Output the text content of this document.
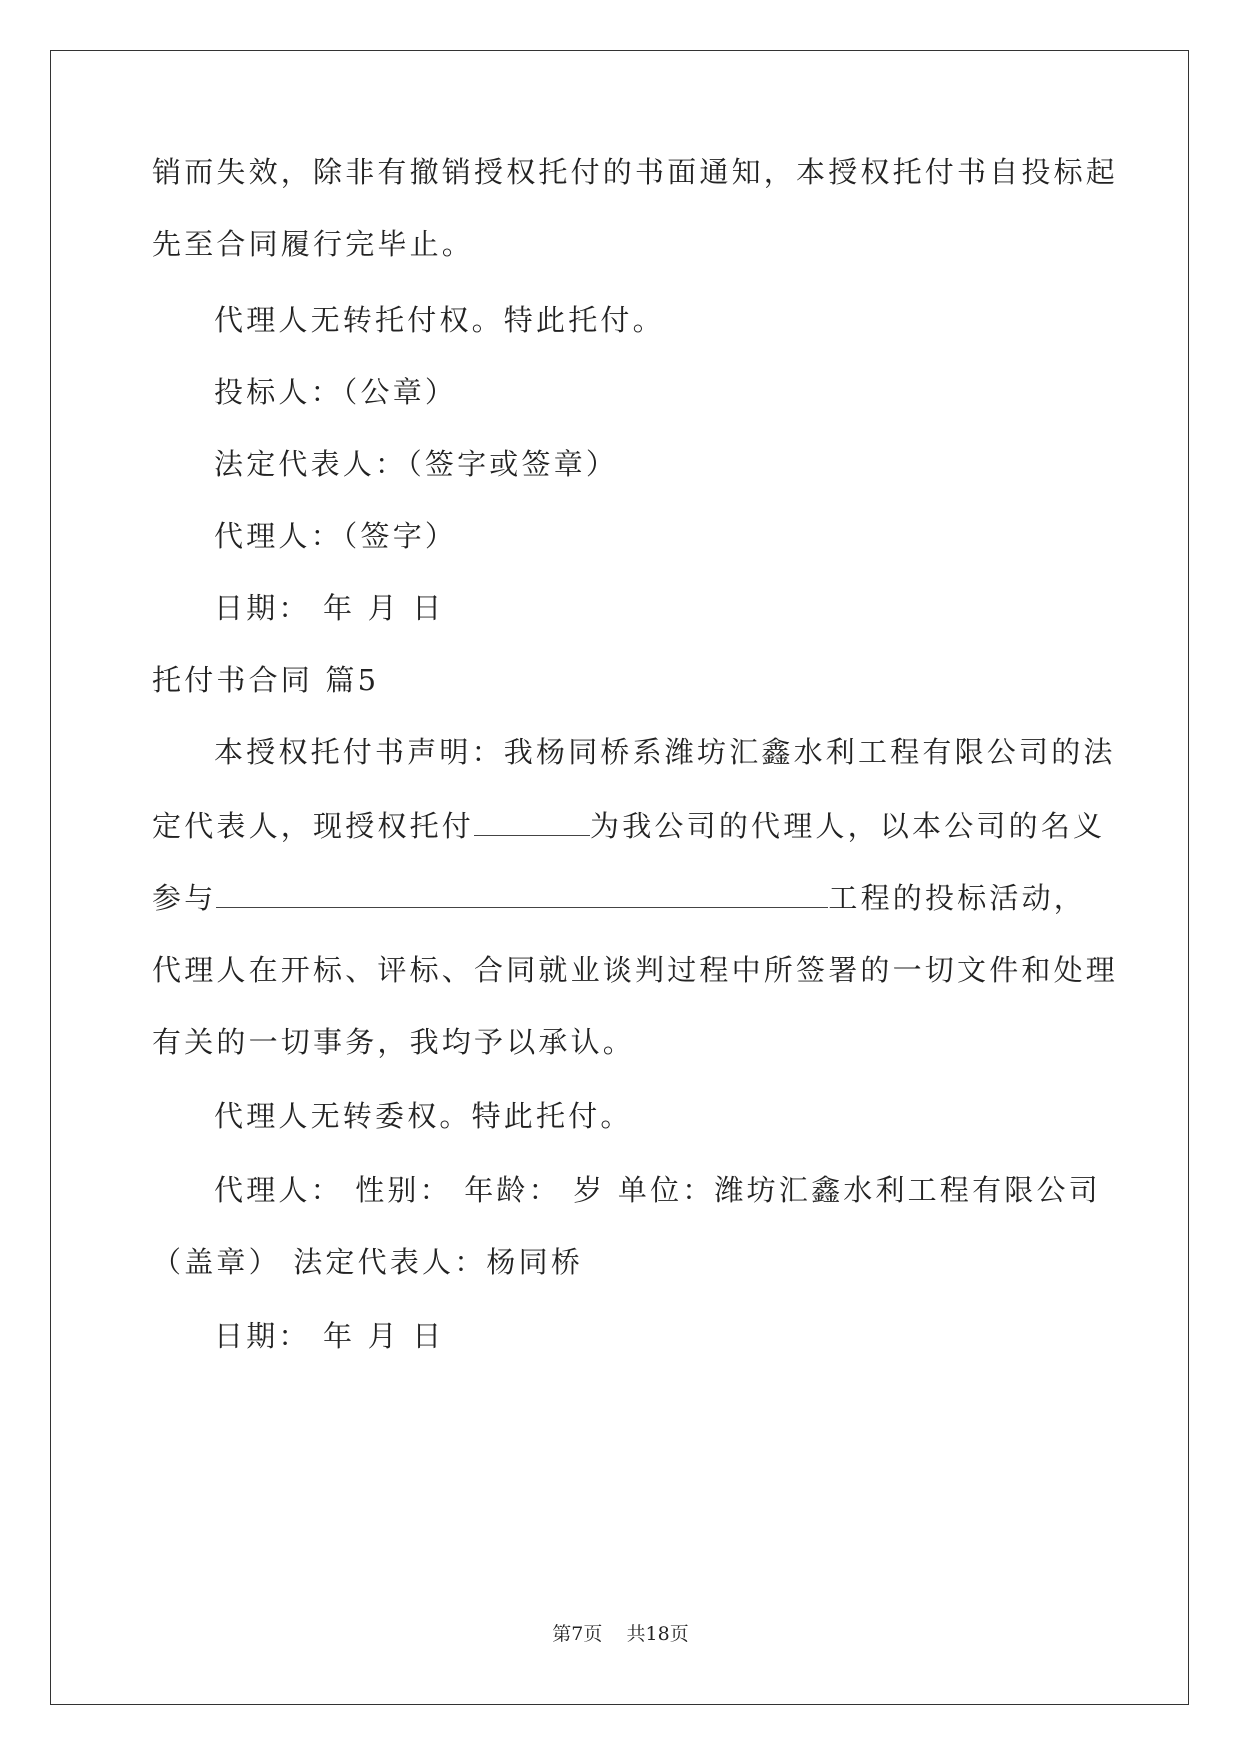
销而失效，除非有撤销授权托付的书面通知，本授权托付书自投标起
先至合同履行完毕止。
代理人无转托付权。特此托付。
投标人：（公章）
法定代表人：（签字或签章）
代理人：（签字）
日期： 年 月 日
托付书合同 篇5
本授权托付书声明：我杨同桥系潍坊汇鑫水利工程有限公司的法
定代表人，现授权托付	为我公司的代理人，以本公司的名义
参与	工程的投标活动，
代理人在开标、评标、合同就业谈判过程中所签署的一切文件和处理
有关的一切事务，我均予以承认。
代理人无转委权。特此托付。
代理人： 性别： 年龄： 岁 单位：潍坊汇鑫水利工程有限公司
（盖章） 法定代表人：杨同桥
日期： 年 月 日
第7页 共18页
